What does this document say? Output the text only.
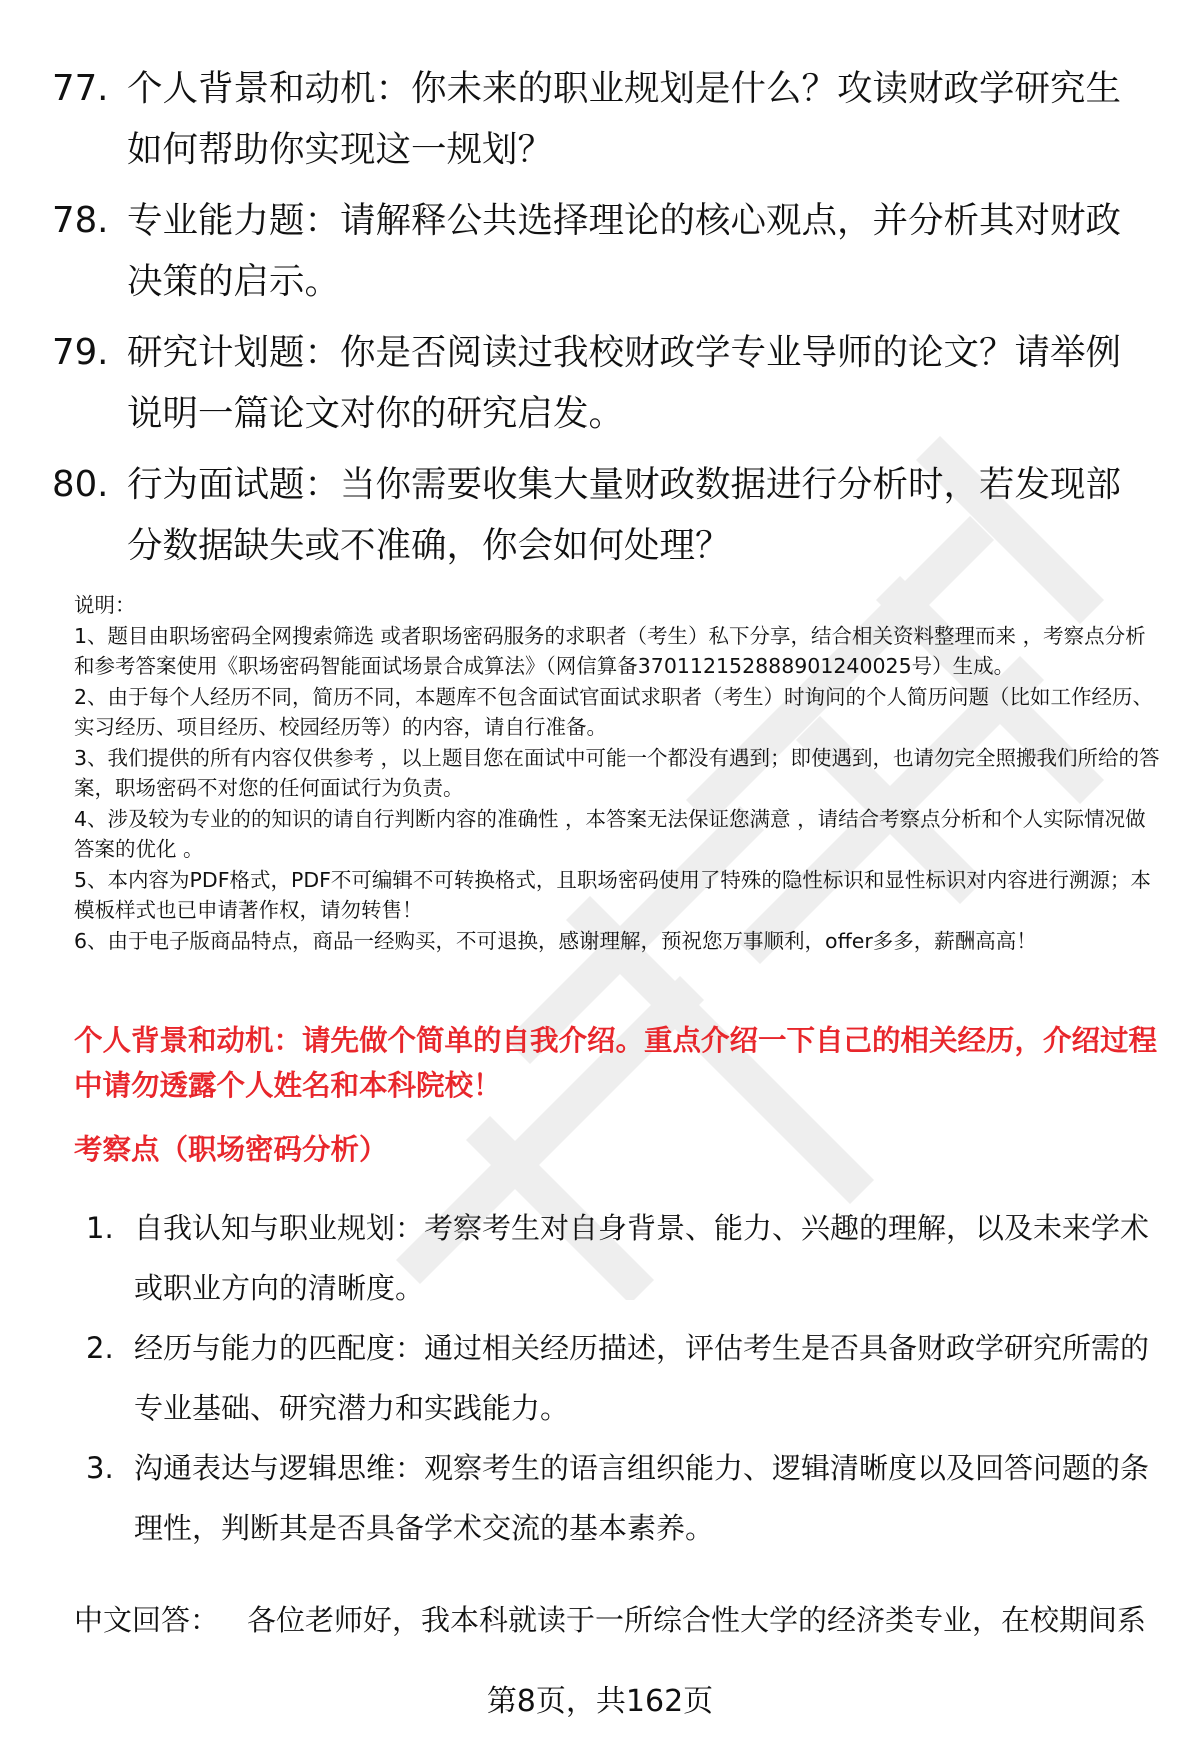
77. 个人背景和动机：你未来的职业规划是什么？攻读财政学研究生如何帮助你实现这一规划？
78. 专业能力题：请解释公共选择理论的核心观点，并分析其对财政决策的启示。
79. 研究计划题：你是否阅读过我校财政学专业导师的论文？请举例说明一篇论文对你的研究启发。
80. 行为面试题：当你需要收集大量财政数据进行分析时，若发现部分数据缺失或不准确，你会如何处理？

说明：

1、题目由职场密码全网搜索筛选 或者职场密码服务的求职者（考生）私下分享，结合相关资料整理而来 ，考察点分析和参考答案使用《职场密码智能面试场景合成算法》（网信算备370112152888901240025号）生成。

2、由于每个人经历不同，简历不同，本题库不包含面试官面试求职者（考生）时询问的个人简历问题（比如工作经历、实习经历、项目经历、校园经历等）的内容，请自行准备。

3、我们提供的所有内容仅供参考 ，以上题目您在面试中可能一个都没有遇到；即使遇到，也请勿完全照搬我们所给的答案，职场密码不对您的任何面试行为负责。

4、涉及较为专业的的知识的请自行判断内容的准确性 ，本答案无法保证您满意 ，请结合考察点分析和个人实际情况做答案的优化 。

5、本内容为PDF格式，PDF不可编辑不可转换格式，且职场密码使用了特殊的隐性标识和显性标识对内容进行溯源；本模板样式也已申请著作权，请勿转售！

6、由于电子版商品特点，商品一经购买，不可退换，感谢理解，预祝您万事顺利，offer多多，薪酬高高！

个人背景和动机：请先做个简单的自我介绍。重点介绍一下自己的相关经历，介绍过程中请勿透露个人姓名和本科院校！
考察点（职场密码分析）
1. 自我认知与职业规划：考察考生对自身背景、能力、兴趣的理解，以及未来学术或职业方向的清晰度。
2. 经历与能力的匹配度：通过相关经历描述，评估考生是否具备财政学研究所需的专业基础、研究潜力和实践能力。
3. 沟通表达与逻辑思维：观察考生的语言组织能力、逻辑清晰度以及回答问题的条理性，判断其是否具备学术交流的基本素养。
中文回答： 各位老师好，我本科就读于一所综合性大学的经济类专业，在校期间系
第8页，共162页
